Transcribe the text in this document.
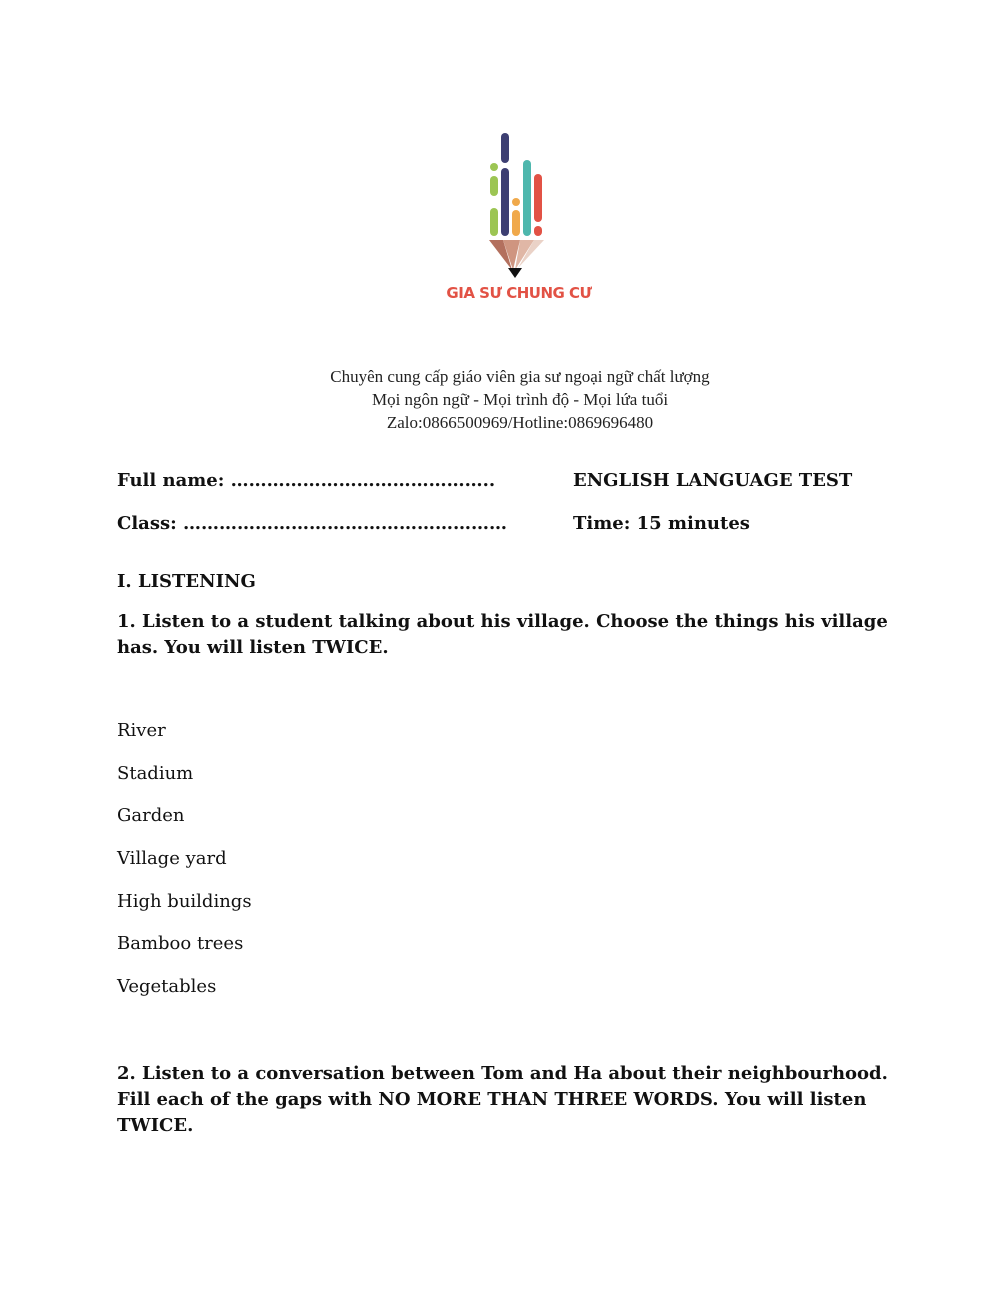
GIA SƯ CHUNG CƯ
Chuyên cung cấp giáo viên gia sư ngoại ngữ chất lượng
Mọi ngôn ngữ - Mọi trình độ - Mọi lứa tuổi
Zalo:0866500969/Hotline:0869696480
Full name: ……………………………………..	ENGLISH LANGUAGE TEST
Class: ………………………………………………	Time: 15 minutes
I. LISTENING
1. Listen to a student talking about his village. Choose the things his village has. You will listen TWICE.
River
Stadium
Garden
Village yard
High buildings
Bamboo trees
Vegetables
2. Listen to a conversation between Tom and Ha about their neighbourhood. Fill each of the gaps with NO MORE THAN THREE WORDS. You will listen TWICE.
